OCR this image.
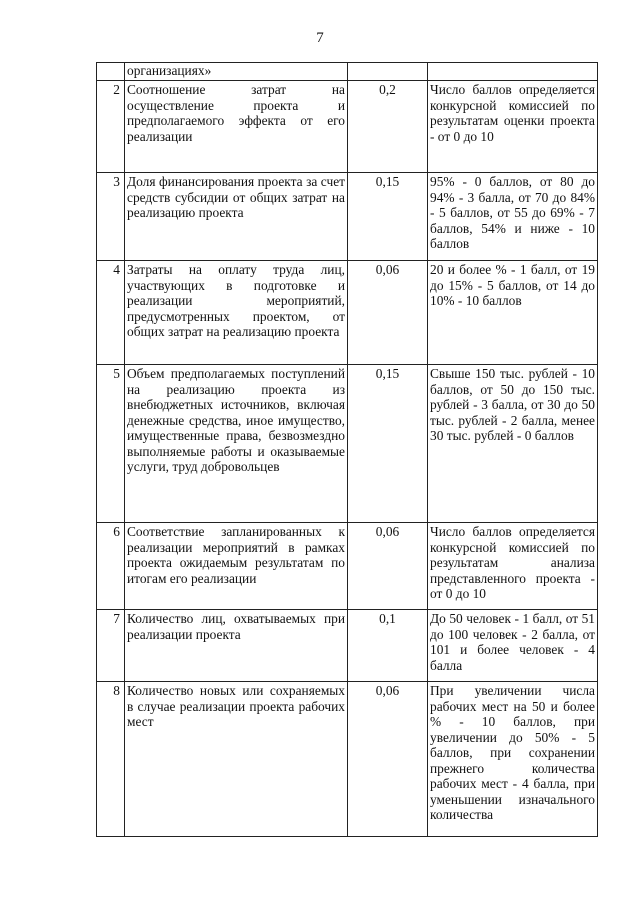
7
	организациях»		
2	Соотношение затрат на осуществление проекта и предполагаемого эффекта от его реализации	0,2	Число баллов определяется конкурсной комиссией по результатам оценки проекта - от 0 до 10
3	Доля финансирования проекта за счет средств субсидии от общих затрат на реализацию проекта	0,15	95% - 0 баллов, от 80 до 94% - 3 балла, от 70 до 84% - 5 баллов, от 55 до 69% - 7 баллов, 54% и ниже - 10 баллов
4	Затраты на оплату труда лиц, участвующих в подготовке и реализации мероприятий, предусмотренных проектом, от общих затрат на реализацию проекта	0,06	20 и более % - 1 балл, от 19 до 15% - 5 баллов, от 14 до 10% - 10 баллов
5	Объем предполагаемых поступлений на реализацию проекта из внебюджетных источников, включая денежные средства, иное имущество, имущественные права, безвозмездно выполняемые работы и оказываемые услуги, труд добровольцев	0,15	Свыше 150 тыс. рублей - 10 баллов, от 50 до 150 тыс. рублей - 3 балла, от 30 до 50 тыс. рублей - 2 балла, менее 30 тыс. рублей - 0 баллов
6	Соответствие запланированных к реализации мероприятий в рамках проекта ожидаемым результатам по итогам его реализации	0,06	Число баллов определяется конкурсной комиссией по результатам анализа представленного проекта - от 0 до 10
7	Количество лиц, охватываемых при реализации проекта	0,1	До 50 человек - 1 балл, от 51 до 100 человек - 2 балла, от 101 и более человек - 4 балла
8	Количество новых или сохраняемых в случае реализации проекта рабочих мест	0,06	При увеличении числа рабочих мест на 50 и более % - 10 баллов, при увеличении до 50% - 5 баллов, при сохранении прежнего количества рабочих мест - 4 балла, при уменьшении изначального количества
